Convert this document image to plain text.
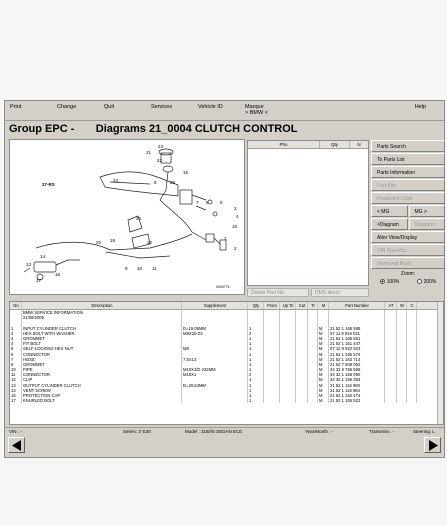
Print	Change	Quit	Services	Vehicle ID	Marque
> BMW <
Help
Group EPC -       Diagrams 21_0004 CLUTCH CONTROL
21
23
22
15
25
8
27-RS
24
26
7	5
6
3
4
20
10
12
14
13
18
11
17
19
9
1
2
16
0004774
Pho	Qty	N
Delete Part No.	DMS direct
Parts Search
To Parts List
Parts Information
Part Kits
Production Date
< MG	MG >
<Diagram	Diagram>
Alter View/Display
VIN Specifics
Removed Illustr.
Zoom:
100%	200%
No	Description	Supplement	Qty	From	Up To	Cat	Tr	M	Part Number	AT	W	C
BMW SERVICE INFORMATION
21/09/2005
1	INPUT CYLINDER CLUTCH	D=19,05MM	1	M	21 52 1 165 588
2	HEX BOLT WITH WASHER	M8X20-Z3	2	M	07 11 9 919 031
3	GROMMET	1	M	21 52 1 165 561
4	FIT BOLT	1	M	21 52 1 151 447
5	SELF-LOCKING HEX NUT	M8	1	M	07 12 9 922 503
6	CONNECTOR	1	M	21 52 1 165 574
7	HOSE	7,5X13	1	M	21 52 1 163 714
8	GROMMET	1	M	21 52 7 508 052
10	PIPE	M10X1/D 232MM	1	M	34 32 6 756 565
11	CONNECTOR	M10X1	2	M	34 32 1 156 090
12	CLIP	1	M	34 32 1 155 383
13	OUTPUT CYLINDER CLUTCH	D=20,64MM	1	M	21 52 1 116 980
14	VENT SCREW	1	M	21 52 1 116 984
15	PROTECTION CAP	1	M	21 52 1 162 474
17	KNURLED BOLT	1	M	21 52 1 155 522
VIN : -	Series: 3' E30	Model : 318i/IS SEDAN ECE	Year/Month : -	Transmiss. -	Steering: L
